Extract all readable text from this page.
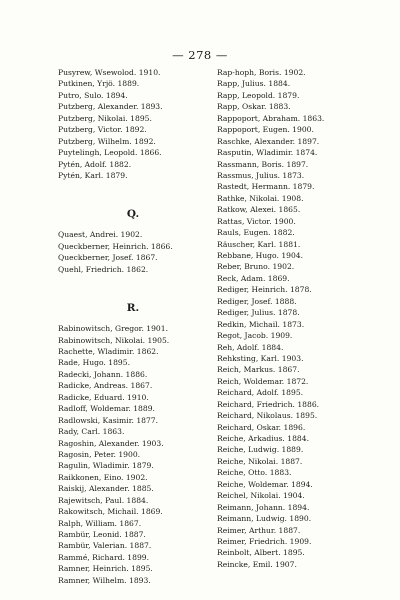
— 278 —
Pusyrew, Wsewolod. 1910.
Putkinen, Yrjö. 1889.
Putro, Sulo. 1894.
Putzberg, Alexander. 1893.
Putzberg, Nikolai. 1895.
Putzberg, Victor. 1892.
Putzberg, Wilhelm. 1892.
Puytelingh, Leopold. 1866.
Pytén, Adolf. 1882.
Pytén, Karl. 1879.
Q.
Quaest, Andrei. 1902.
Queckberner, Heinrich. 1866.
Queckberner, Josef. 1867.
Quehl, Friedrich. 1862.
R.
Rabinowitsch, Gregor. 1901.
Rabinowitsch, Nikolai. 1905.
Rachette, Wladimir. 1862.
Rade, Hugo. 1895.
Radecki, Johann. 1886.
Radicke, Andreas. 1867.
Radicke, Eduard. 1910.
Radloff, Woldemar. 1889.
Radlowski, Kasimir. 1877.
Rady, Carl. 1863.
Ragoshin, Alexander. 1903.
Ragosin, Peter. 1900.
Ragulin, Wladimir. 1879.
Raikkonen, Eino. 1902.
Raiskij, Alexander. 1885.
Rajewitsch, Paul. 1884.
Rakowitsch, Michail. 1869.
Ralph, William. 1867.
Rambür, Leonid. 1887.
Rambür, Valerian. 1887.
Rammé, Richard. 1899.
Ramner, Heinrich. 1895.
Ramner, Wilhelm. 1893.
Rap-hoph, Boris. 1902.
Rapp, Julius. 1884.
Rapp, Leopold. 1879.
Rapp, Oskar. 1883.
Rappoport, Abraham. 1863.
Rappoport, Eugen. 1900.
Raschke, Alexander. 1897.
Rasputin, Wladimir. 1874.
Rassmann, Boris. 1897.
Rassmus, Julius. 1873.
Rastedt, Hermann. 1879.
Rathke, Nikolai. 1908.
Ratkow, Alexei. 1865.
Rattas, Victor. 1900.
Rauls, Eugen. 1882.
Räuscher, Karl. 1881.
Rebbane, Hugo. 1904.
Reber, Bruno. 1902.
Reck, Adam. 1869.
Rediger, Heinrich. 1878.
Rediger, Josef. 1888.
Rediger, Julius. 1878.
Redkin, Michail. 1873.
Regot, Jacob. 1909.
Reh, Adolf. 1884.
Rehksting, Karl. 1903.
Reich, Markus. 1867.
Reich, Woldemar. 1872.
Reichard, Adolf. 1895.
Reichard, Friedrich. 1886.
Reichard, Nikolaus. 1895.
Reichard, Oskar. 1896.
Reiche, Arkadius. 1884.
Reiche, Ludwig. 1889.
Reiche, Nikolai. 1887.
Reiche, Otto. 1883.
Reiche, Woldemar. 1894.
Reichel, Nikolai. 1904.
Reimann, Johann. 1894.
Reimann, Ludwig. 1890.
Reimer, Arthur. 1887.
Reimer, Friedrich. 1909.
Reinbolt, Albert. 1895.
Reincke, Emil. 1907.
